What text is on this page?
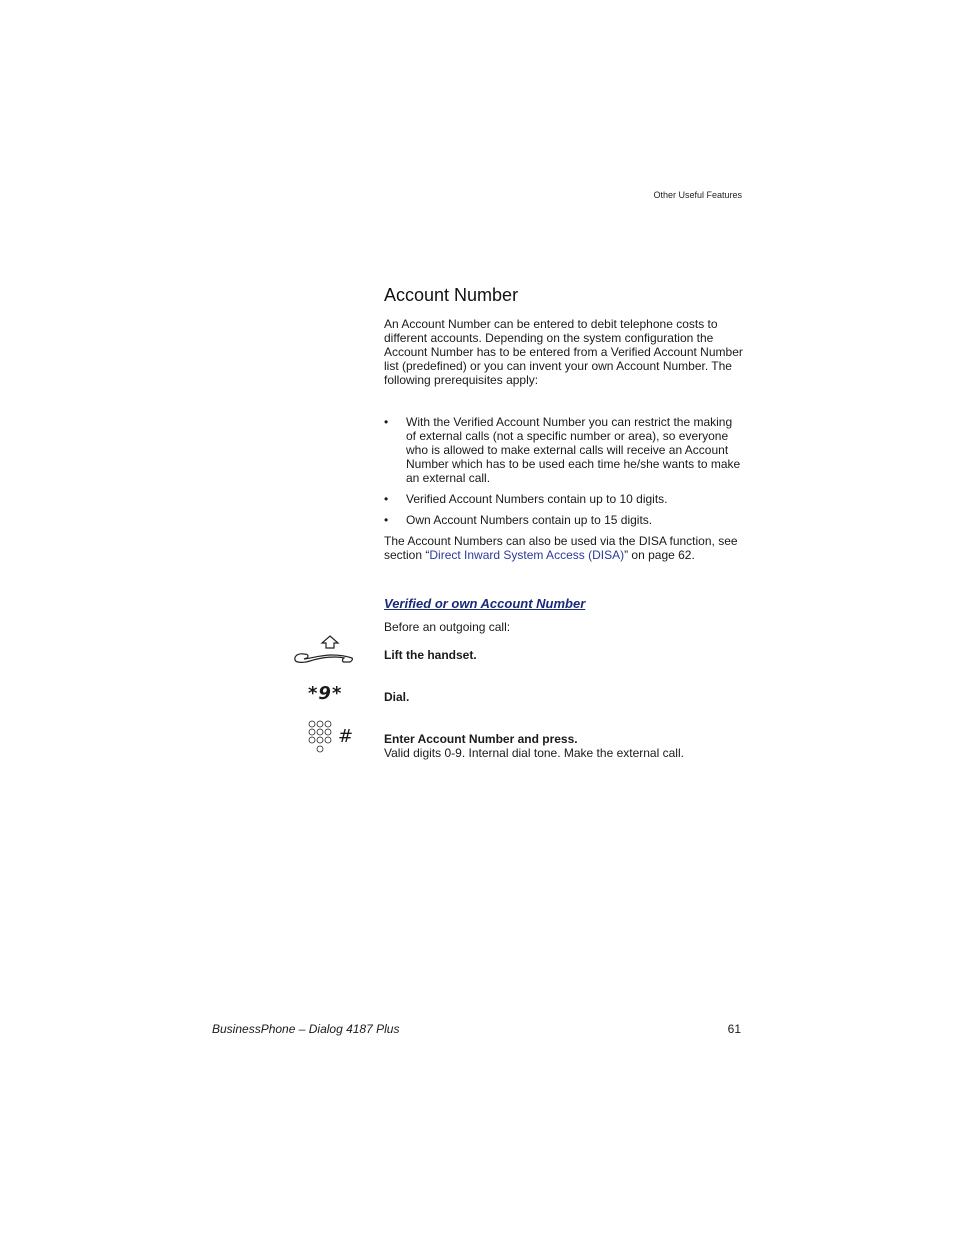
Other Useful Features
Account Number

An Account Number can be entered to debit telephone costs to different accounts. Depending on the system configuration the Account Number has to be entered from a Verified Account Number list (predefined) or you can invent your own Account Number. The following prerequisites apply:

• With the Verified Account Number you can restrict the making of external calls (not a specific number or area), so everyone who is allowed to make external calls will receive an Account Number which has to be used each time he/she wants to make an external call.
• Verified Account Numbers contain up to 10 digits.
• Own Account Numbers contain up to 15 digits.

The Account Numbers can also be used via the DISA function, see section “Direct Inward System Access (DISA)” on page 62.

Verified or own Account Number

Before an outgoing call:

Lift the handset.
*9*	Dial.
#	Enter Account Number and press.
Valid digits 0-9. Internal dial tone. Make the external call.
BusinessPhone – Dialog 4187 Plus	61
